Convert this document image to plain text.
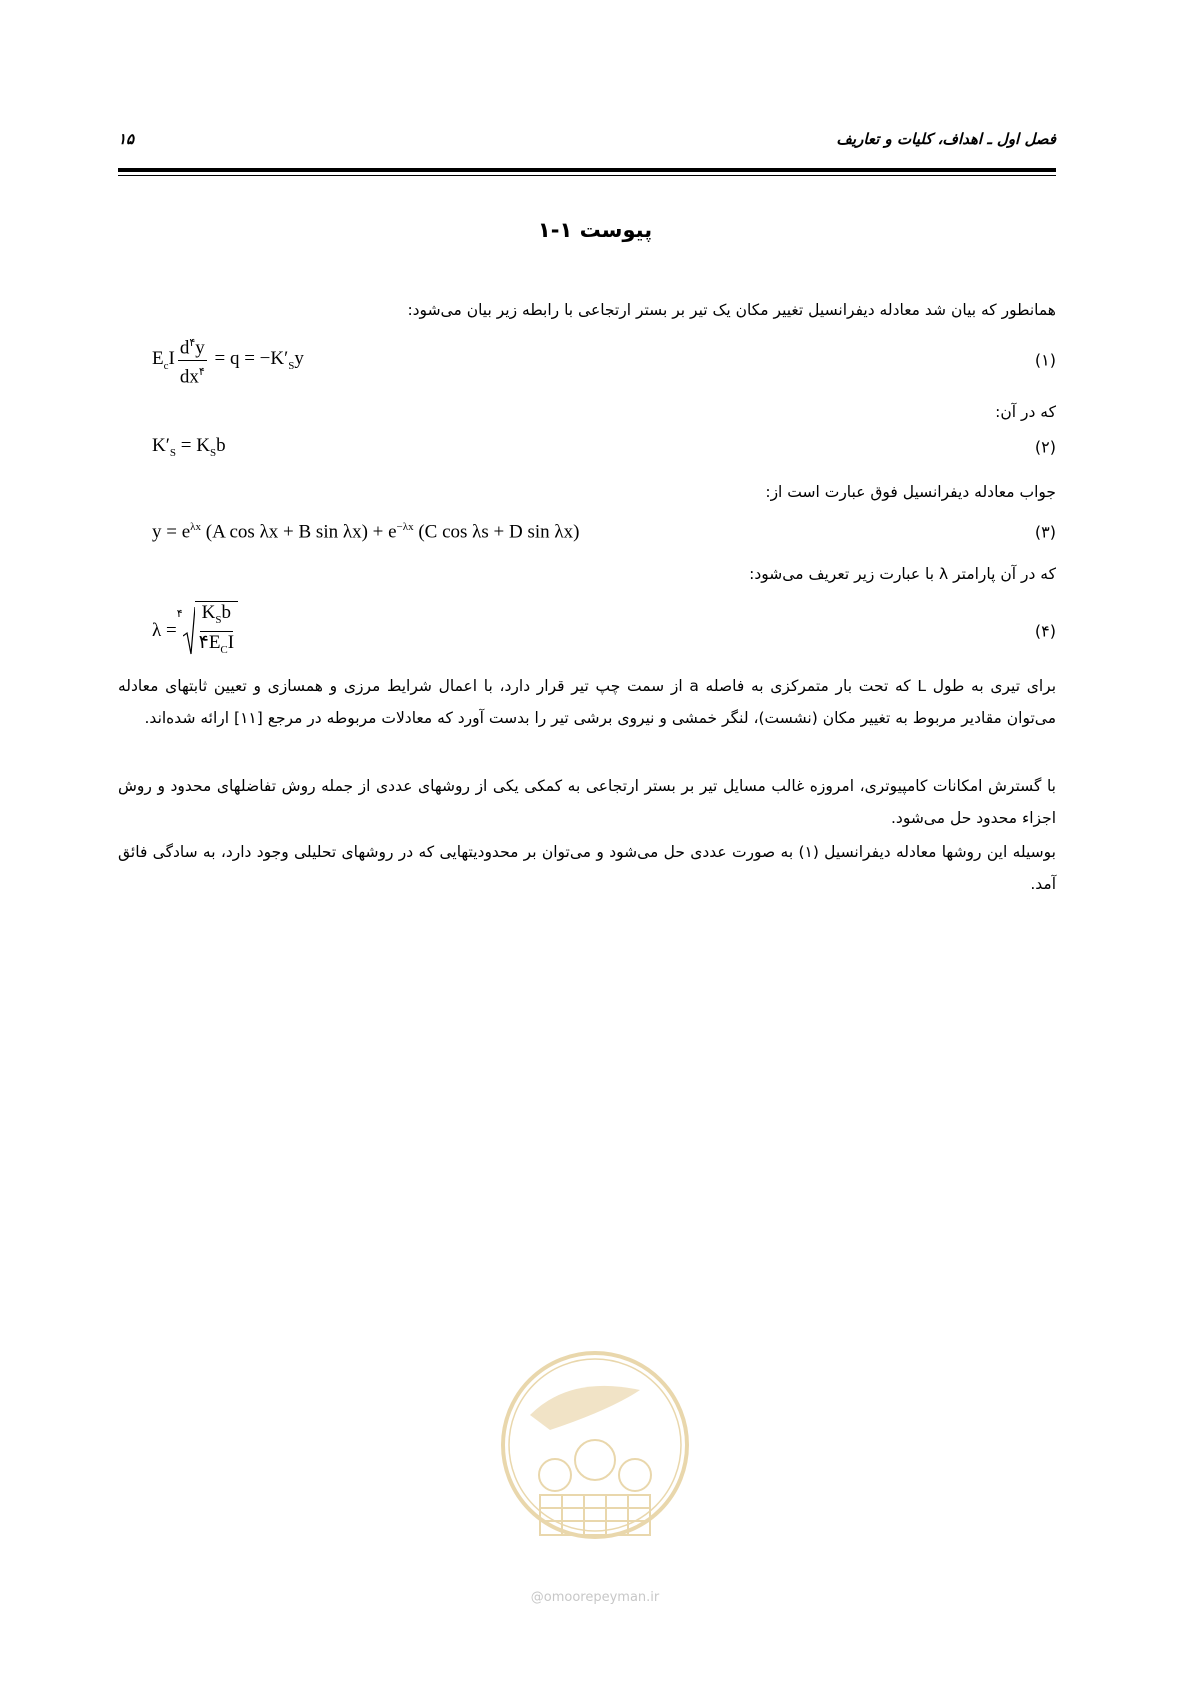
فصل اول ـ اهداف، کلیات و تعاریف
۱۵
پیوست ۱-۱
همانطور که بیان شد معادله دیفرانسیل تغییر مکان یک تیر بر بستر ارتجاعی با رابطه زیر بیان می‌شود:
$E_cI \frac{d^۴y}{dx^۴} = q = -K'_Sy$	(۱)
که در آن:
$K'_S = K_Sb$	(۲)
جواب معادله دیفرانسیل فوق عبارت است از:
$y = e^{\lambda x}$ (A cos λx + B $\sin \lambda x) + e^{-\lambda x}$ (C cos λs + D sin λx)	(۳)
که در آن پارامتر λ با عبارت زیر تعریف می‌شود:
λ =
۴ $\frac{K_Sb}{۴E_CI}$	(۴)
برای تیری به طول L که تحت بار متمرکزی به فاصله a از سمت چپ تیر قرار دارد، با اعمال شرایط مرزی و همسازی و تعیین ثابتهای معادله می‌توان مقادیر مربوط به تغییر مکان (نشست)، لنگر خمشی و نیروی برشی تیر را بدست آورد که معادلات مربوطه در مرجع [۱۱] ارائه شده‌اند.
با گسترش امکانات کامپیوتری، امروزه غالب مسایل تیر بر بستر ارتجاعی به کمکی یکی از روشهای عددی از جمله روش تفاضلهای محدود و روش اجزاء محدود حل می‌شود.
بوسیله این روشها معادله دیفرانسیل (۱) به صورت عددی حل می‌شود و می‌توان بر محدودیتهایی که در روشهای تحلیلی وجود دارد، به سادگی فائق آمد.
@omoorepeyman.ir
